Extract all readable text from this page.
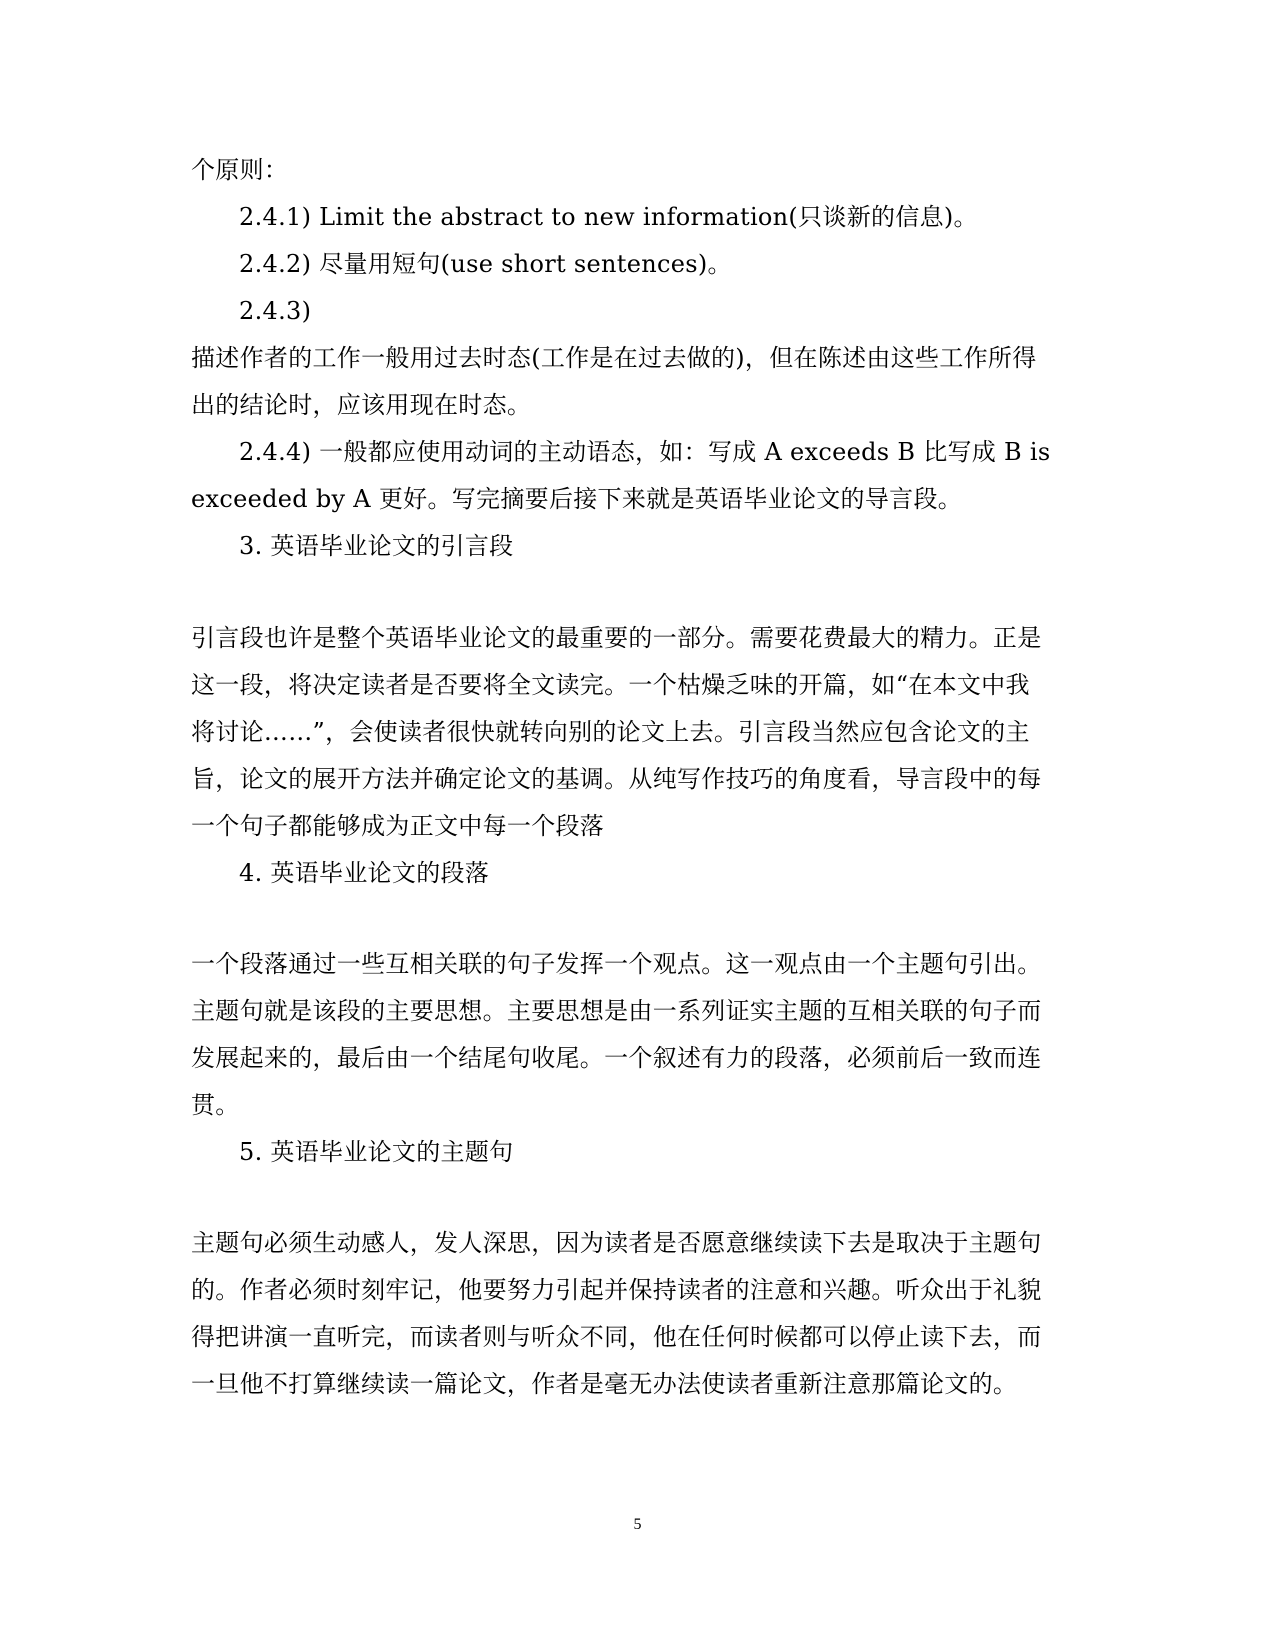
个原则：
2.4.1) Limit the abstract to new information(只谈新的信息)。
2.4.2) 尽量用短句(use short sentences)。
2.4.3)
描述作者的工作一般用过去时态(工作是在过去做的)，但在陈述由这些工作所得
出的结论时，应该用现在时态。
2.4.4) 一般都应使用动词的主动语态，如：写成 A exceeds B 比写成 B is
exceeded by A 更好。写完摘要后接下来就是英语毕业论文的导言段。
3. 英语毕业论文的引言段
引言段也许是整个英语毕业论文的最重要的一部分。需要花费最大的精力。正是
这一段，将决定读者是否要将全文读完。一个枯燥乏味的开篇，如“在本文中我
将讨论……”，会使读者很快就转向别的论文上去。引言段当然应包含论文的主
旨，论文的展开方法并确定论文的基调。从纯写作技巧的角度看，导言段中的每
一个句子都能够成为正文中每一个段落
4. 英语毕业论文的段落
一个段落通过一些互相关联的句子发挥一个观点。这一观点由一个主题句引出。
主题句就是该段的主要思想。主要思想是由一系列证实主题的互相关联的句子而
发展起来的，最后由一个结尾句收尾。一个叙述有力的段落，必须前后一致而连
贯。
5. 英语毕业论文的主题句
主题句必须生动感人，发人深思，因为读者是否愿意继续读下去是取决于主题句
的。作者必须时刻牢记，他要努力引起并保持读者的注意和兴趣。听众出于礼貌
得把讲演一直听完，而读者则与听众不同，他在任何时候都可以停止读下去，而
一旦他不打算继续读一篇论文，作者是毫无办法使读者重新注意那篇论文的。
5
